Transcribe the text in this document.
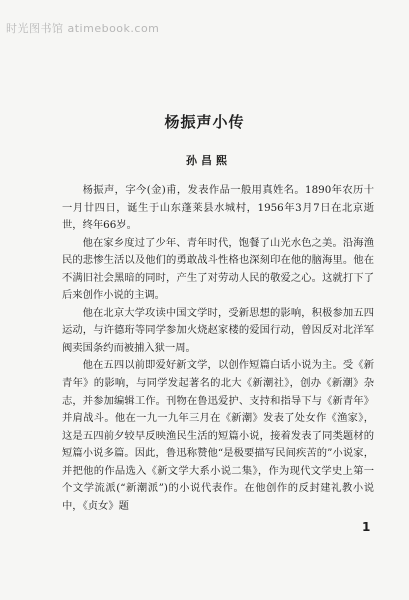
时光图书馆 atimebook.com
杨振声小传
孙昌熙

杨振声，字今(金)甫，发表作品一般用真姓名。1890年农历十一月廿四日，诞生于山东蓬莱县水城村，1956年3月7日在北京逝世，终年66岁。

他在家乡度过了少年、青年时代，饱餐了山光水色之美。沿海渔民的悲惨生活以及他们的勇敢战斗性格也深刻印在他的脑海里。他在不满旧社会黑暗的同时，产生了对劳动人民的敬爱之心。这就打下了后来创作小说的主调。

他在北京大学攻读中国文学时，受新思想的影响，积极参加五四运动，与许德珩等同学参加火烧赵家楼的爱国行动，曾因反对北洋军阀卖国条约而被捕入狱一周。

他在五四以前即爱好新文学，以创作短篇白话小说为主。受《新青年》的影响，与同学发起著名的北大《新潮社》，创办《新潮》杂志，并参加编辑工作。刊物在鲁迅爱护、支持和指导下与《新青年》并肩战斗。他在一九一九年三月在《新潮》发表了处女作《渔家》，这是五四前夕较早反映渔民生活的短篇小说，接着发表了同类题材的短篇小说多篇。因此，鲁迅称赞他“是极要描写民间疾苦的”小说家，并把他的作品选入《新文学大系小说二集》，作为现代文学史上第一个文学流派(“新潮派”)的小说代表作。在他创作的反封建礼教小说中，《贞女》题

1
